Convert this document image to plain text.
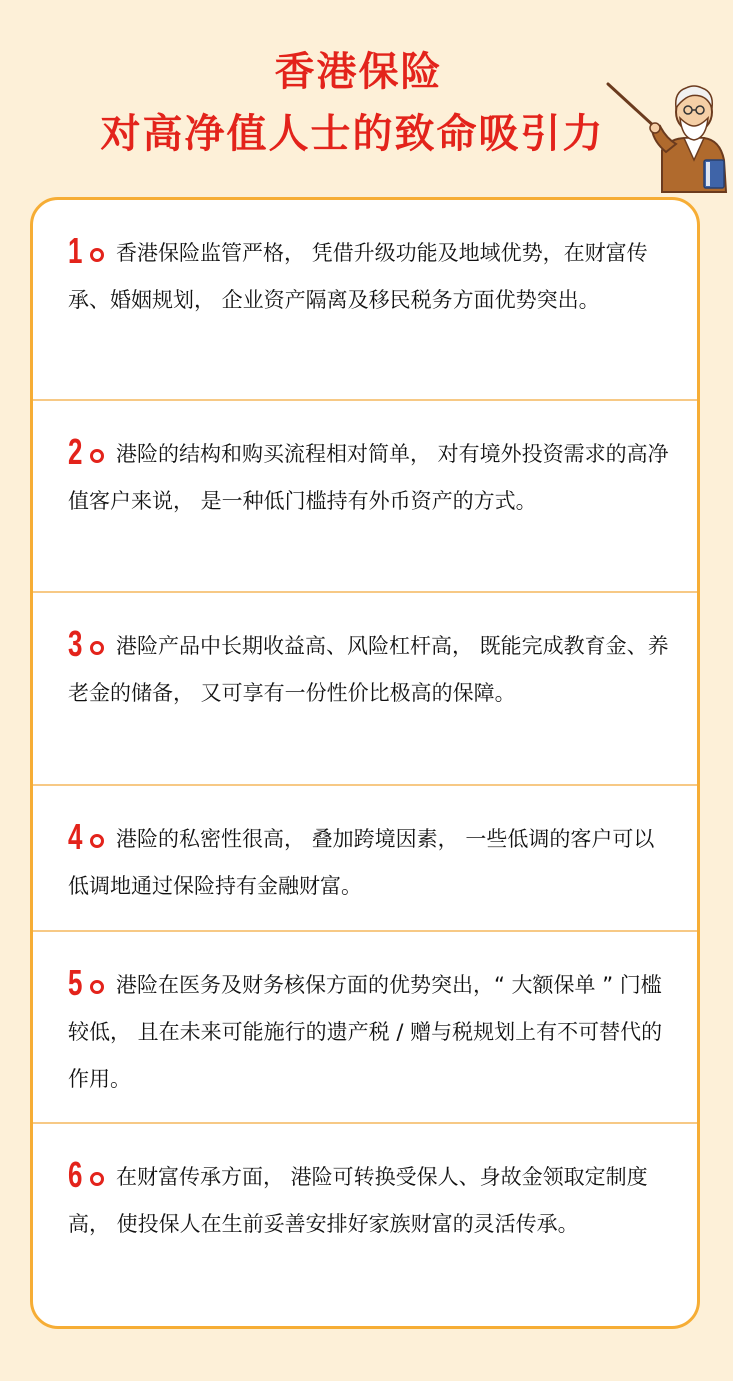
香港保险
对高净值人士的致命吸引力

1 香港保险监管严格， 凭借升级功能及地域优势，在财富传承、婚姻规划， 企业资产隔离及移民税务方面优势突出。

2 港险的结构和购买流程相对简单， 对有境外投资需求的高净值客户来说， 是一种低门槛持有外币资产的方式。

3 港险产品中长期收益高、风险杠杆高， 既能完成教育金、养老金的储备， 又可享有一份性价比极高的保障。

4 港险的私密性很高， 叠加跨境因素， 一些低调的客户可以低调地通过保险持有金融财富。

5 港险在医务及财务核保方面的优势突出，“ 大额保单 ” 门槛较低， 且在未来可能施行的遗产税 / 赠与税规划上有不可替代的作用。

6 在财富传承方面， 港险可转换受保人、身故金领取定制度高， 使投保人在生前妥善安排好家族财富的灵活传承。
